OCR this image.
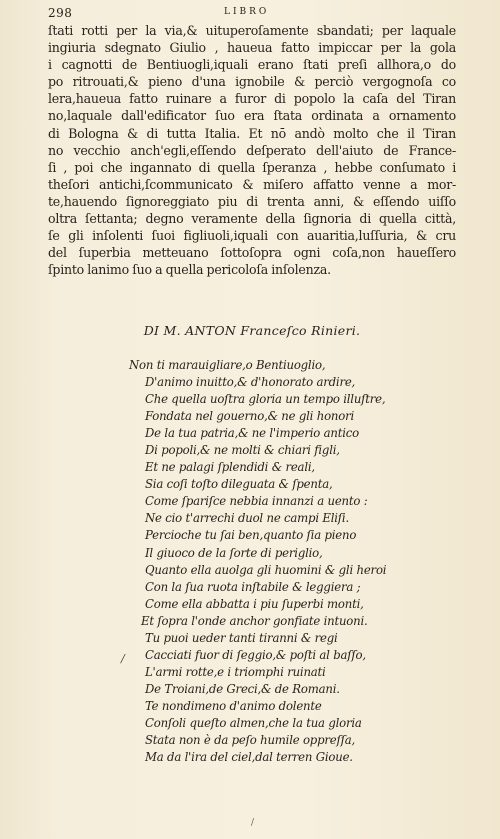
298	LIBRO
ſtati rotti per la via,& uituperoſamente sbandati; per laquale
ingiuria sdegnato Giulio , haueua fatto impiccar per la gola
i cagnotti de Bentiuogli,iquali erano ſtati preſi allhora,o do
po ritrouati,& pieno d'una ignobile & perciò vergognoſa co
lera,haueua fatto ruinare a furor di popolo la caſa del Tiran
no,laquale dall'edificator ſuo era ſtata ordinata a ornamento
di Bologna & di tutta Italia. Et nō andò molto che il Tiran
no vecchio anch'egli,eſſendo deſperato dell'aiuto de France-
ſi , poi che ingannato di quella ſperanza , hebbe conſumato i
theſori antichi,ſcommunicato & miſero affatto venne a mor-
te,hauendo ſignoreggiato piu di trenta anni, & eſſendo uiſſo
oltra ſettanta; degno veramente della ſignoria di quella città,
ſe gli inſolenti ſuoi figliuoli,iquali con auaritia,luſſuria, & cru
del ſuperbia metteuano ſottoſopra ogni coſa,non haueſſero
ſpinto lanimo ſuo a quella pericoloſa inſolenza.
DI M. ANTON Franceſco Rinieri.
Non ti marauigliare,o Bentiuoglio,
D'animo inuitto,& d'honorato ardire,
Che quella uoſtra gloria un tempo illuſtre,
Fondata nel gouerno,& ne gli honori
De la tua patria,& ne l'imperio antico
Di popoli,& ne molti & chiari figli,
Et ne palagi ſplendidi & reali,
Sia coſi toſto dileguata & ſpenta,
Come ſpariſce nebbia innanzi a uento :
Ne cio t'arrechi duol ne campi Eliſi.
Percioche tu ſai ben,quanto ſia pieno
Il giuoco de la ſorte di periglio,
Quanto ella auolga gli huomini & gli heroi
Con la ſua ruota inſtabile & leggiera ;
Come ella abbatta i piu ſuperbi monti,
Et ſopra l'onde anchor gonfiate intuoni.
Tu puoi ueder tanti tiranni & regi
Cacciati fuor di ſeggio,& poſti al baſſo,
L'armi rotte,e i triomphi ruinati
De Troiani,de Greci,& de Romani.
Te nondimeno d'animo dolente
Conſoli queſto almen,che la tua gloria
Stata non è da peſo humile oppreſſa,
Ma da l'ira del ciel,dal terren Gioue.
/
/
